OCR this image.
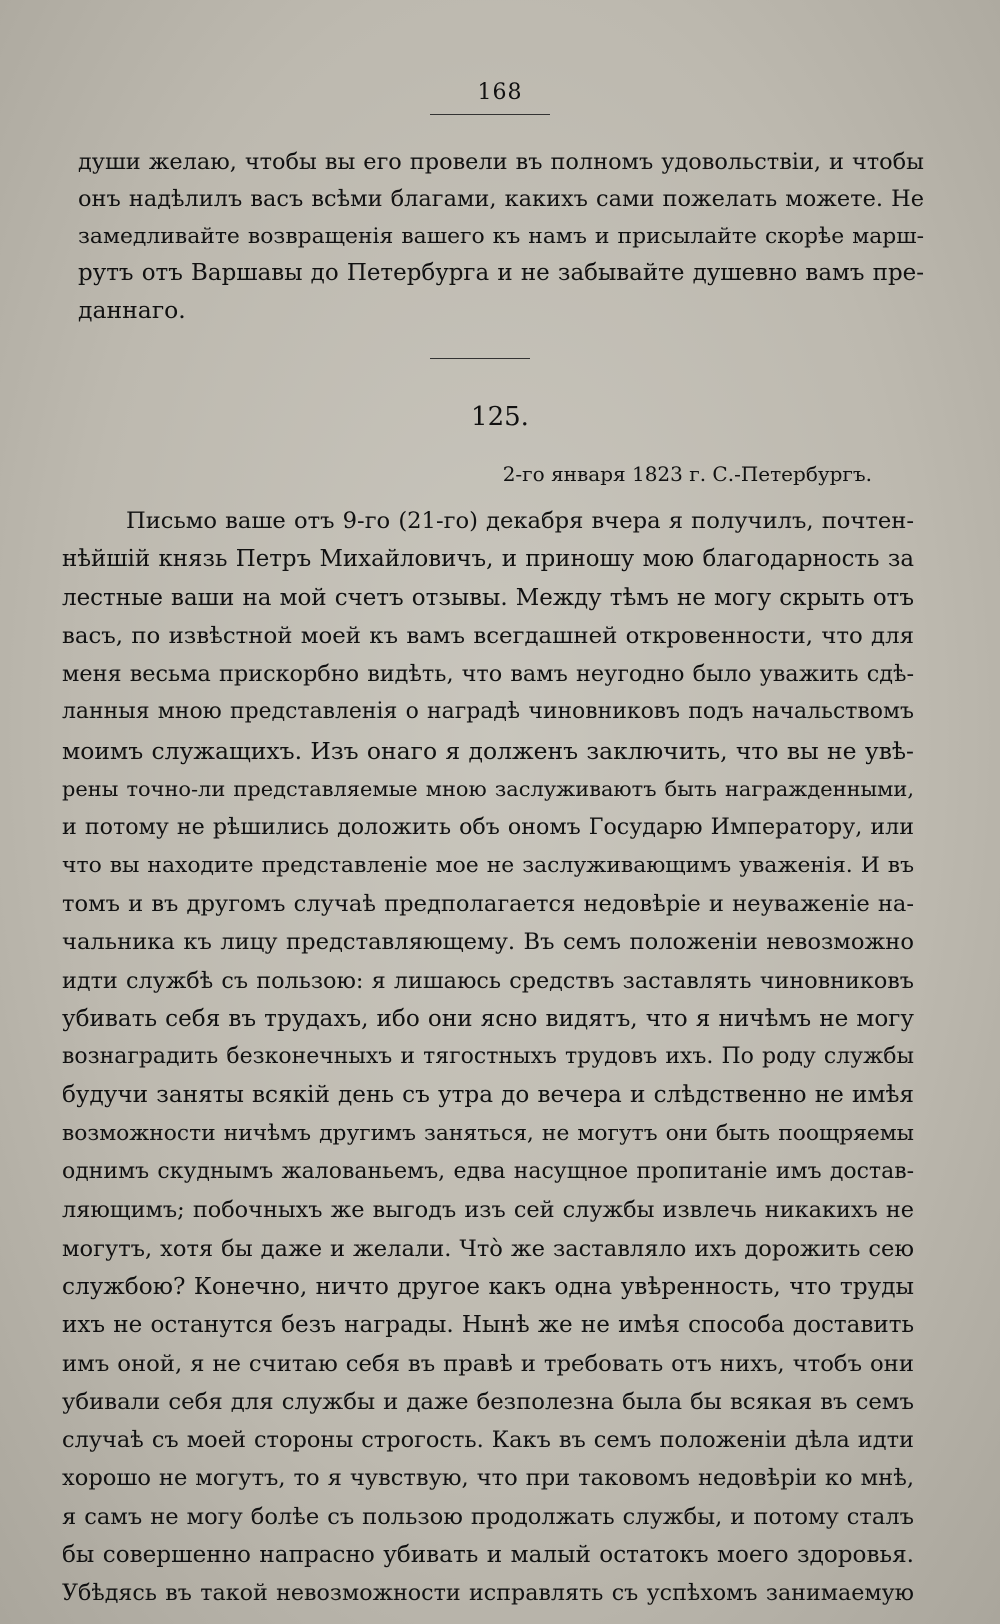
168
души желаю, чтобы вы его провели въ полномъ удовольствіи, и чтобы
онъ надѣлилъ васъ всѣми благами, какихъ сами пожелать можете. Не
замедливайте возвращенія вашего къ намъ и присылайте скорѣе марш-
рутъ отъ Варшавы до Петербурга и не забывайте душевно вамъ пре-
даннаго.
125.
2-го января 1823 г. С.-Петербургъ.
Письмо ваше отъ 9-го (21-го) декабря вчера я получилъ, почтен-
нѣйшій князь Петръ Михайловичъ, и приношу мою благодарность за
лестные ваши на мой счетъ отзывы. Между тѣмъ не могу скрыть отъ
васъ, по извѣстной моей къ вамъ всегдашней откровенности, что для
меня весьма прискорбно видѣть, что вамъ неугодно было уважить сдѣ-
ланныя мною представленія о наградѣ чиновниковъ подъ начальствомъ
моимъ служащихъ. Изъ онаго я долженъ заключить, что вы не увѣ-
рены точно-ли представляемые мною заслуживаютъ быть награжденными,
и потому не рѣшились доложить объ ономъ Государю Императору, или
что вы находите представленіе мое не заслуживающимъ уваженія. И въ
томъ и въ другомъ случаѣ предполагается недовѣріе и неуваженіе на-
чальника къ лицу представляющему. Въ семъ положеніи невозможно
идти службѣ съ пользою: я лишаюсь средствъ заставлять чиновниковъ
убивать себя въ трудахъ, ибо они ясно видятъ, что я ничѣмъ не могу
вознаградить безконечныхъ и тягостныхъ трудовъ ихъ. По роду службы
будучи заняты всякій день съ утра до вечера и слѣдственно не имѣя
возможности ничѣмъ другимъ заняться, не могутъ они быть поощряемы
однимъ скуднымъ жалованьемъ, едва насущное пропитаніе имъ достав-
ляющимъ; побочныхъ же выгодъ изъ сей службы извлечь никакихъ не
могутъ, хотя бы даже и желали. Что̀ же заставляло ихъ дорожить сею
службою? Конечно, ничто другое какъ одна увѣренность, что труды
ихъ не останутся безъ награды. Нынѣ же не имѣя способа доставить
имъ оной, я не считаю себя въ правѣ и требовать отъ нихъ, чтобъ они
убивали себя для службы и даже безполезна была бы всякая въ семъ
случаѣ съ моей стороны строгость. Какъ въ семъ положеніи дѣла идти
хорошо не могутъ, то я чувствую, что при таковомъ недовѣріи ко мнѣ,
я самъ не могу болѣе съ пользою продолжать службы, и потому сталъ
бы совершенно напрасно убивать и малый остатокъ моего здоровья.
Убѣдясь въ такой невозможности исправлять съ успѣхомъ занимаемую
